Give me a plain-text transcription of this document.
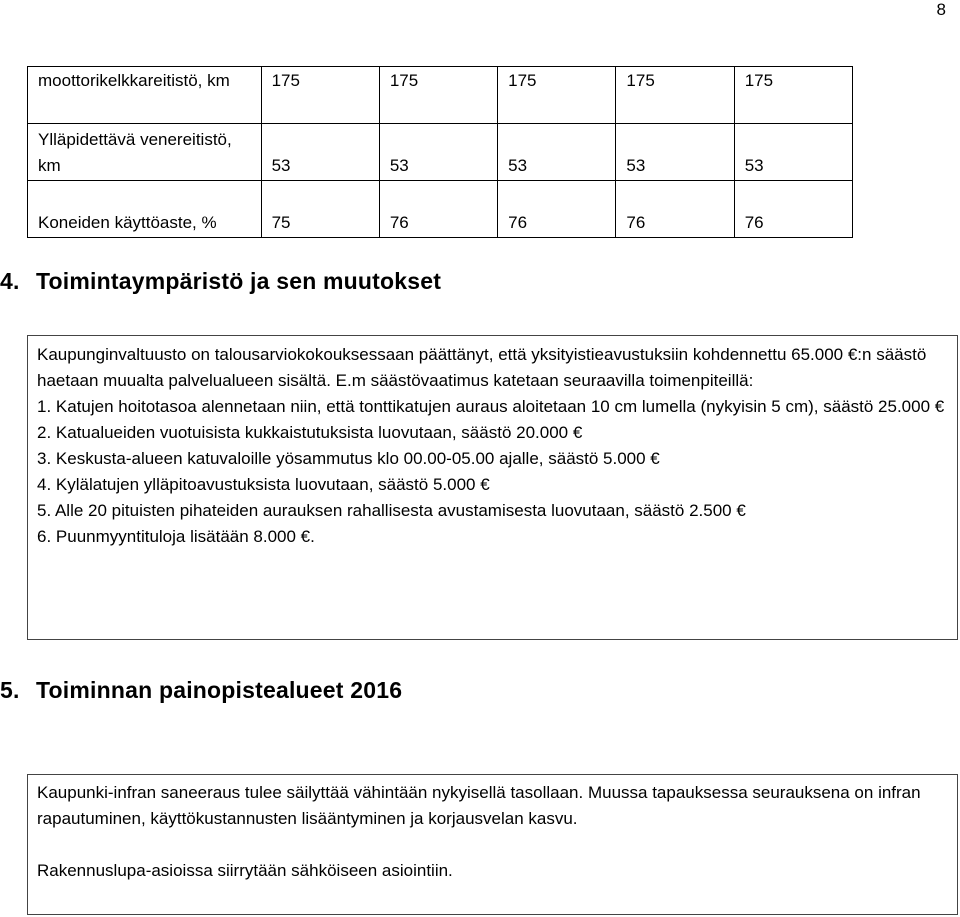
8
moottorikelkkareitistö, km	175	175	175	175	175
Ylläpidettävä venereitistö, km	53	53	53	53	53
Koneiden käyttöaste, %	75	76	76	76	76
4. Toimintaympäristö ja sen muutokset

Kaupunginvaltuusto on talousarviokokouksessaan päättänyt, että yksityistieavustuksiin kohdennettu 65.000 €:n säästö haetaan muualta palvelualueen sisältä. E.m säästövaatimus katetaan seuraavilla toimenpiteillä:

1. Katujen hoitotasoa alennetaan niin, että tonttikatujen auraus aloitetaan 10 cm lumella (nykyisin 5 cm), säästö 25.000 €
2. Katualueiden vuotuisista kukkaistutuksista luovutaan, säästö 20.000 €
3. Keskusta-alueen katuvaloille yösammutus klo 00.00-05.00 ajalle, säästö 5.000 €
4. Kylälatujen ylläpitoavustuksista luovutaan, säästö 5.000 €
5. Alle 20 pituisten pihateiden aurauksen rahallisesta avustamisesta luovutaan, säästö 2.500 €
6. Puunmyyntituloja lisätään 8.000 €.
5. Toiminnan painopistealueet 2016

Kaupunki-infran saneeraus tulee säilyttää vähintään nykyisellä tasollaan. Muussa tapauksessa seurauksena on infran rapautuminen, käyttökustannusten lisääntyminen ja korjausvelan kasvu.

Rakennuslupa-asioissa siirrytään sähköiseen asiointiin.
